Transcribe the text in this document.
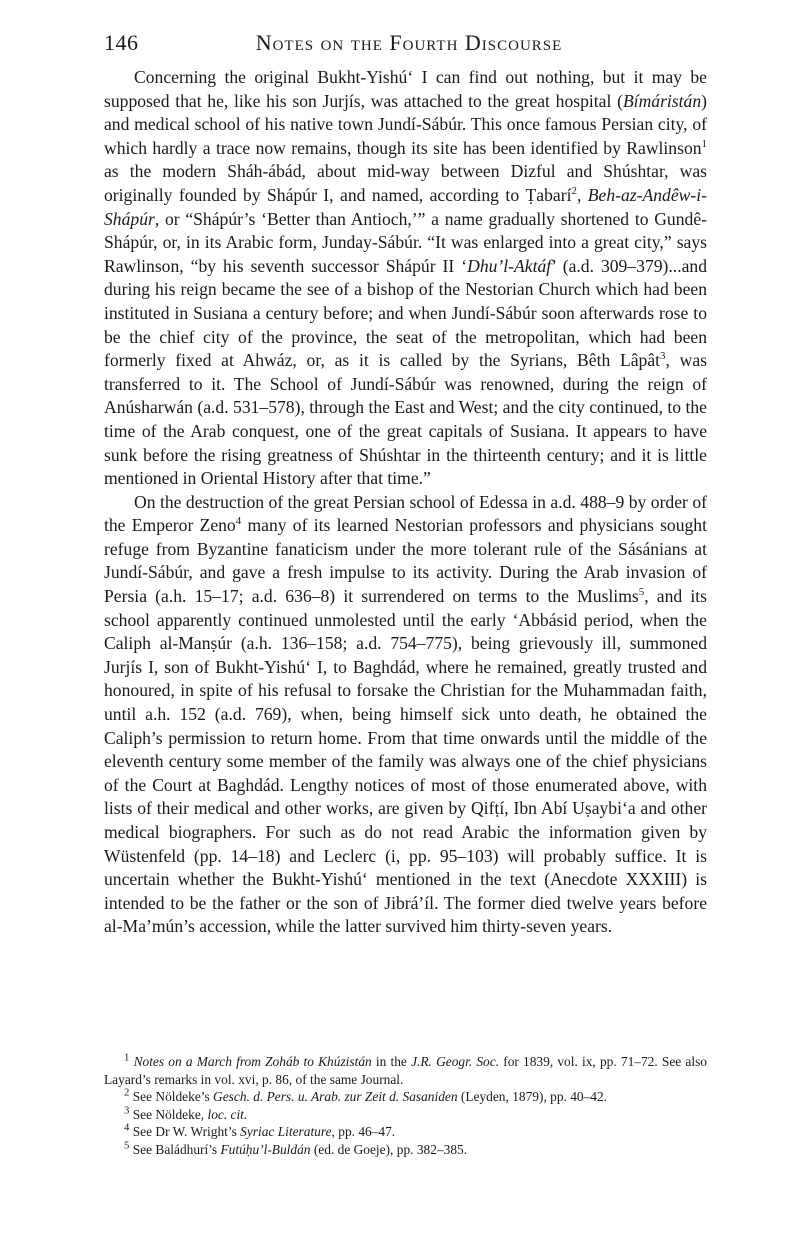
146	Notes on the Fourth Discourse

Concerning the original Bukht-Yishú‘ I can find out nothing, but it may be supposed that he, like his son Jurjís, was attached to the great hospital (Bímáristán) and medical school of his native town Jundí-Sábúr. This once famous Persian city, of which hardly a trace now remains, though its site has been identified by Rawlinson$^1$ as the modern Sháh-ábád, about mid-way between Dizful and Shúshtar, was originally founded by Shápúr I, and named, according to Ṭabarí$^2$, Beh-az-Andêw-i-Shápúr, or “Shápúr’s ‘Better than Antioch,’” a name gradually shortened to Gundê-Shápúr, or, in its Arabic form, Junday-Sábúr. “It was enlarged into a great city,” says Rawlinson, “by his seventh successor Shápúr II ‘Dhu’l-Aktáf’ (a.d. 309–379)...and during his reign became the see of a bishop of the Nestorian Church which had been instituted in Susiana a century before; and when Jundí-Sábúr soon afterwards rose to be the chief city of the province, the seat of the metropolitan, which had been formerly fixed at Ahwáz, or, as it is called by the Syrians, Bêth Lâpât$^3$, was transferred to it. The School of Jundí-Sábúr was renowned, during the reign of Anúsharwán (a.d. 531–578), through the East and West; and the city continued, to the time of the Arab conquest, one of the great capitals of Susiana. It appears to have sunk before the rising greatness of Shúshtar in the thirteenth century; and it is little mentioned in Oriental History after that time.”

On the destruction of the great Persian school of Edessa in a.d. 488–9 by order of the Emperor Zeno$^4$ many of its learned Nestorian professors and physicians sought refuge from Byzantine fanaticism under the more tolerant rule of the Sásánians at Jundí-Sábúr, and gave a fresh impulse to its activity. During the Arab invasion of Persia (a.h. 15–17; a.d. 636–8) it surrendered on terms to the Muslims$^5$, and its school apparently continued unmolested until the early ‘Abbásid period, when the Caliph al-Manṣúr (a.h. 136–158; a.d. 754–775), being grievously ill, summoned Jurjís I, son of Bukht-Yishú‘ I, to Baghdád, where he remained, greatly trusted and honoured, in spite of his refusal to forsake the Christian for the Muhammadan faith, until a.h. 152 (a.d. 769), when, being himself sick unto death, he obtained the Caliph’s permission to return home. From that time onwards until the middle of the eleventh century some member of the family was always one of the chief physicians of the Court at Baghdád. Lengthy notices of most of those enumerated above, with lists of their medical and other works, are given by Qifṭí, Ibn Abí Uṣaybi‘a and other medical biographers. For such as do not read Arabic the information given by Wüstenfeld (pp. 14–18) and Leclerc (i, pp. 95–103) will probably suffice. It is uncertain whether the Bukht-Yishú‘ mentioned in the text (Anecdote XXXIII) is intended to be the father or the son of Jibrá’íl. The former died twelve years before al-Ma’mún’s accession, while the latter survived him thirty-seven years.

$^1$ Notes on a March from Zoháb to Khúzistán in the J.R. Geogr. Soc. for 1839, vol. ix, pp. 71–72. See also Layard’s remarks in vol. xvi, p. 86, of the same Journal.

$^2$ See Nöldeke’s Gesch. d. Pers. u. Arab. zur Zeit d. Sasaniden (Leyden, 1879), pp. 40–42.

$^3$ See Nöldeke, loc. cit.

$^4$ See Dr W. Wright’s Syriac Literature, pp. 46–47.

$^5$ See Baládhurí’s Futúḥu’l-Buldán (ed. de Goeje), pp. 382–385.
